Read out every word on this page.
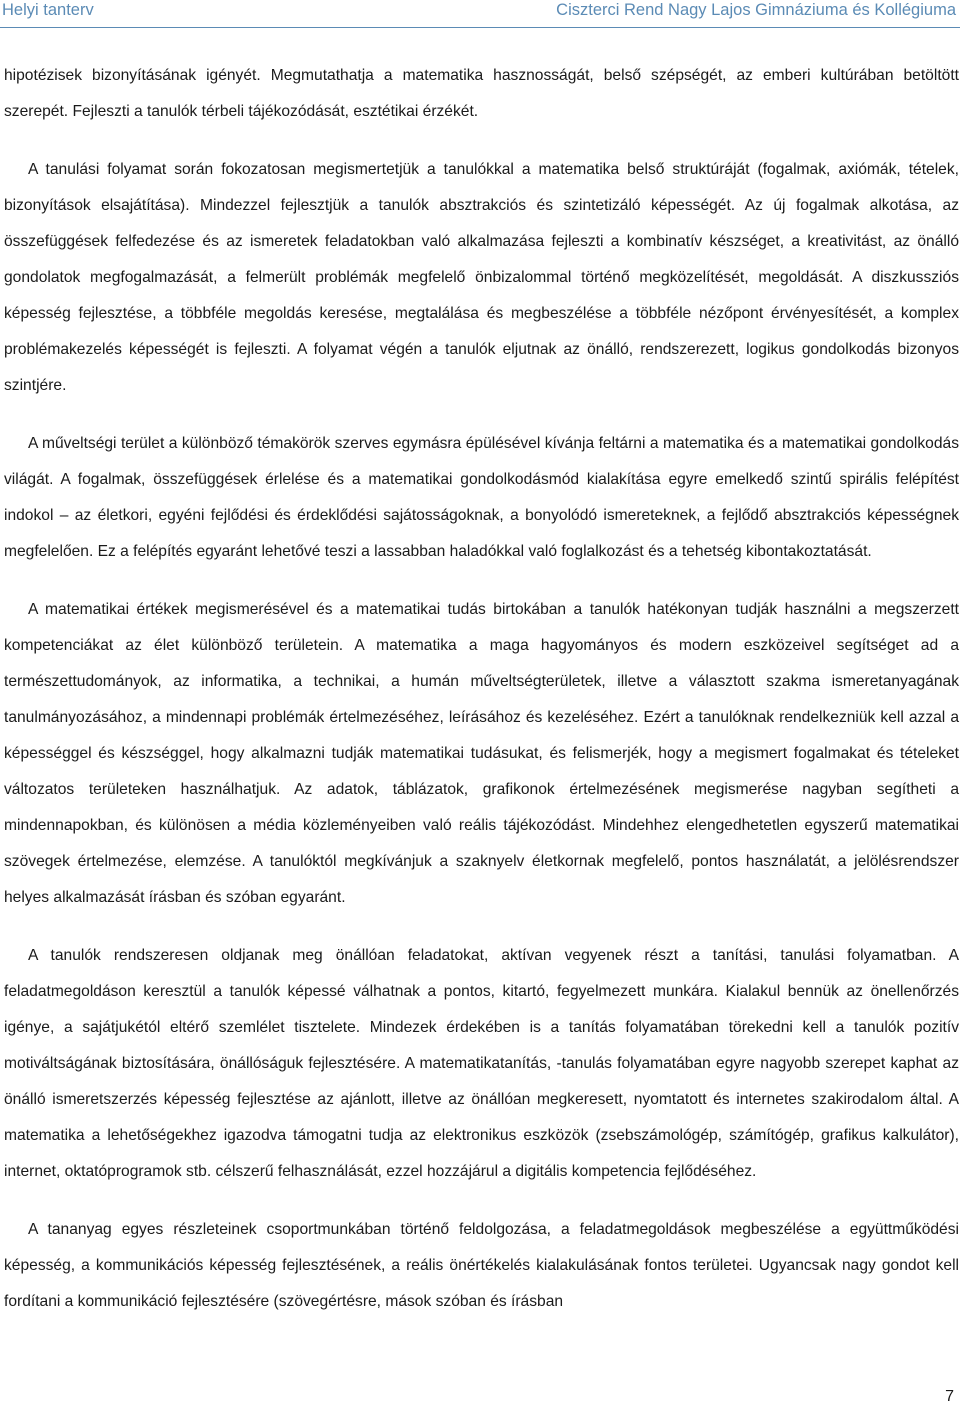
Helyi tanterv	Ciszterci Rend Nagy Lajos Gimnáziuma és Kollégiuma

hipotézisek bizonyításának igényét. Megmutathatja a matematika hasznosságát, belső szépségét, az emberi kultúrában betöltött szerepét. Fejleszti a tanulók térbeli tájékozódását, esztétikai érzékét.

A tanulási folyamat során fokozatosan megismertetjük a tanulókkal a matematika belső struktúráját (fogalmak, axiómák, tételek, bizonyítások elsajátítása). Mindezzel fejlesztjük a tanulók absztrakciós és szintetizáló képességét. Az új fogalmak alkotása, az összefüggések felfedezése és az ismeretek feladatokban való alkalmazása fejleszti a kombinatív készséget, a kreativitást, az önálló gondolatok megfogalmazását, a felmerült problémák megfelelő önbizalommal történő megközelítését, megoldását. A diszkussziós képesség fejlesztése, a többféle megoldás keresése, megtalálása és megbeszélése a többféle nézőpont érvényesítését, a komplex problémakezelés képességét is fejleszti. A folyamat végén a tanulók eljutnak az önálló, rendszerezett, logikus gondolkodás bizonyos szintjére.

A műveltségi terület a különböző témakörök szerves egymásra épülésével kívánja feltárni a matematika és a matematikai gondolkodás világát. A fogalmak, összefüggések érlelése és a matematikai gondolkodásmód kialakítása egyre emelkedő szintű spirális felépítést indokol ‒ az életkori, egyéni fejlődési és érdeklődési sajátosságoknak, a bonyolódó ismereteknek, a fejlődő absztrakciós képességnek megfelelően. Ez a felépítés egyaránt lehetővé teszi a lassabban haladókkal való foglalkozást és a tehetség kibontakoztatását.

A matematikai értékek megismerésével és a matematikai tudás birtokában a tanulók hatékonyan tudják használni a megszerzett kompetenciákat az élet különböző területein. A matematika a maga hagyományos és modern eszközeivel segítséget ad a természettudományok, az informatika, a technikai, a humán műveltségterületek, illetve a választott szakma ismeretanyagának tanulmányozásához, a mindennapi problémák értelmezéséhez, leírásához és kezeléséhez. Ezért a tanulóknak rendelkezniük kell azzal a képességgel és készséggel, hogy alkalmazni tudják matematikai tudásukat, és felismerjék, hogy a megismert fogalmakat és tételeket változatos területeken használhatjuk. Az adatok, táblázatok, grafikonok értelmezésének megismerése nagyban segítheti a mindennapokban, és különösen a média közleményeiben való reális tájékozódást. Mindehhez elengedhetetlen egyszerű matematikai szövegek értelmezése, elemzése. A tanulóktól megkívánjuk a szaknyelv életkornak megfelelő, pontos használatát, a jelölésrendszer helyes alkalmazását írásban és szóban egyaránt.

A tanulók rendszeresen oldjanak meg önállóan feladatokat, aktívan vegyenek részt a tanítási, tanulási folyamatban. A feladatmegoldáson keresztül a tanulók képessé válhatnak a pontos, kitartó, fegyelmezett munkára. Kialakul bennük az önellenőrzés igénye, a sajátjukétól eltérő szemlélet tisztelete. Mindezek érdekében is a tanítás folyamatában törekedni kell a tanulók pozitív motiváltságának biztosítására, önállóságuk fejlesztésére. A matematikatanítás, -tanulás folyamatában egyre nagyobb szerepet kaphat az önálló ismeretszerzés képesség fejlesztése az ajánlott, illetve az önállóan megkeresett, nyomtatott és internetes szakirodalom által. A matematika a lehetőségekhez igazodva támogatni tudja az elektronikus eszközök (zsebszámológép, számítógép, grafikus kalkulátor), internet, oktatóprogramok stb. célszerű felhasználását, ezzel hozzájárul a digitális kompetencia fejlődéséhez.

A tananyag egyes részleteinek csoportmunkában történő feldolgozása, a feladatmegoldások megbeszélése a együttműködési képesség, a kommunikációs képesség fejlesztésének, a reális önértékelés kialakulásának fontos területei. Ugyancsak nagy gondot kell fordítani a kommunikáció fejlesztésére (szövegértésre, mások szóban és írásban

7
